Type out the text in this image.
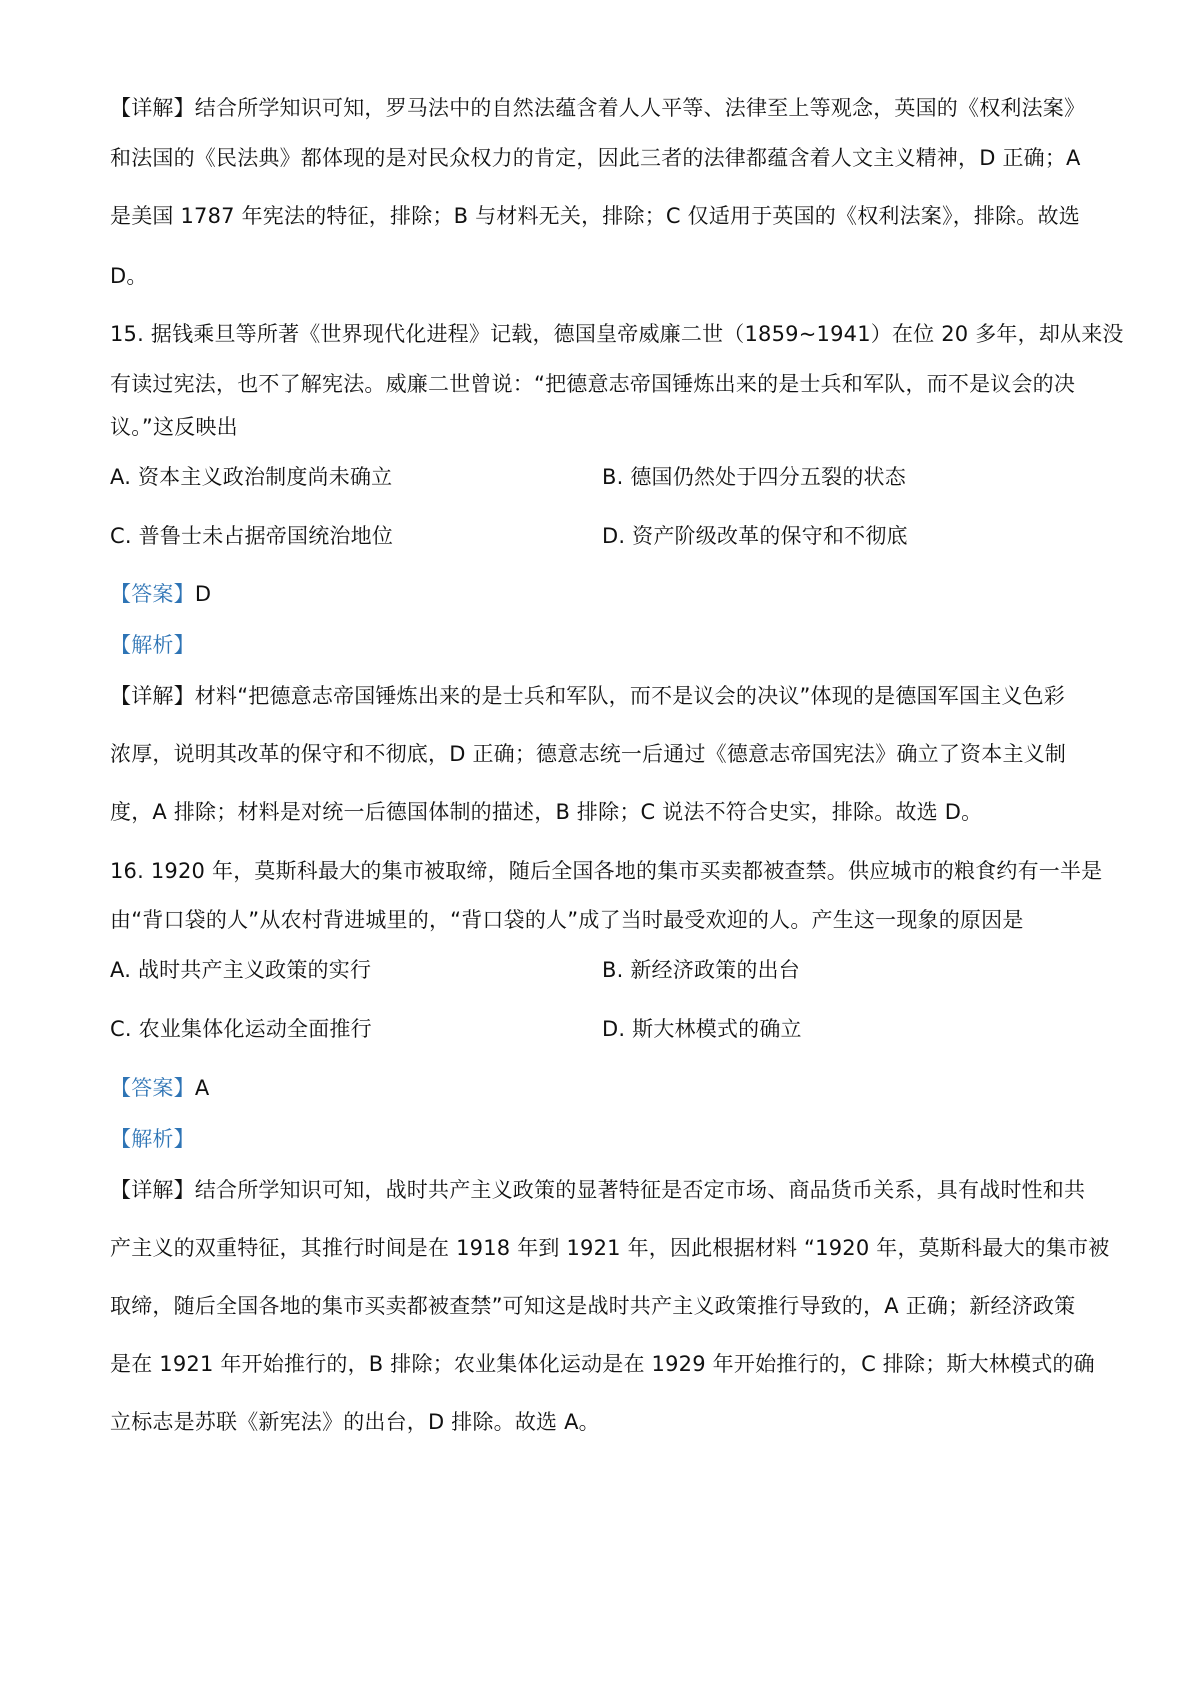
【详解】结合所学知识可知，罗马法中的自然法蕴含着人人平等、法律至上等观念，英国的《权利法案》
和法国的《民法典》都体现的是对民众权力的肯定，因此三者的法律都蕴含着人文主义精神，D 正确；A
是美国 1787 年宪法的特征，排除；B 与材料无关，排除；C 仅适用于英国的《权利法案》，排除。故选
D。
15. 据钱乘旦等所著《世界现代化进程》记载，德国皇帝威廉二世（1859~1941）在位 20 多年，却从来没
有读过宪法，也不了解宪法。威廉二世曾说：“把德意志帝国锤炼出来的是士兵和军队，而不是议会的决
议。”这反映出
A. 资本主义政治制度尚未确立	B. 德国仍然处于四分五裂的状态
C. 普鲁士未占据帝国统治地位	D. 资产阶级改革的保守和不彻底
【答案】D
【解析】
【详解】材料“把德意志帝国锤炼出来的是士兵和军队，而不是议会的决议”体现的是德国军国主义色彩
浓厚，说明其改革的保守和不彻底，D 正确；德意志统一后通过《德意志帝国宪法》确立了资本主义制
度，A 排除；材料是对统一后德国体制的描述，B 排除；C 说法不符合史实，排除。故选 D。
16. 1920 年，莫斯科最大的集市被取缔，随后全国各地的集市买卖都被查禁。供应城市的粮食约有一半是
由“背口袋的人”从农村背进城里的，“背口袋的人”成了当时最受欢迎的人。产生这一现象的原因是
A. 战时共产主义政策的实行	B. 新经济政策的出台
C. 农业集体化运动全面推行	D. 斯大林模式的确立
【答案】A
【解析】
【详解】结合所学知识可知，战时共产主义政策的显著特征是否定市场、商品货币关系，具有战时性和共
产主义的双重特征，其推行时间是在 1918 年到 1921 年，因此根据材料 “1920 年，莫斯科最大的集市被
取缔，随后全国各地的集市买卖都被查禁”可知这是战时共产主义政策推行导致的，A 正确；新经济政策
是在 1921 年开始推行的，B 排除；农业集体化运动是在 1929 年开始推行的，C 排除；斯大林模式的确
立标志是苏联《新宪法》的出台，D 排除。故选 A。
